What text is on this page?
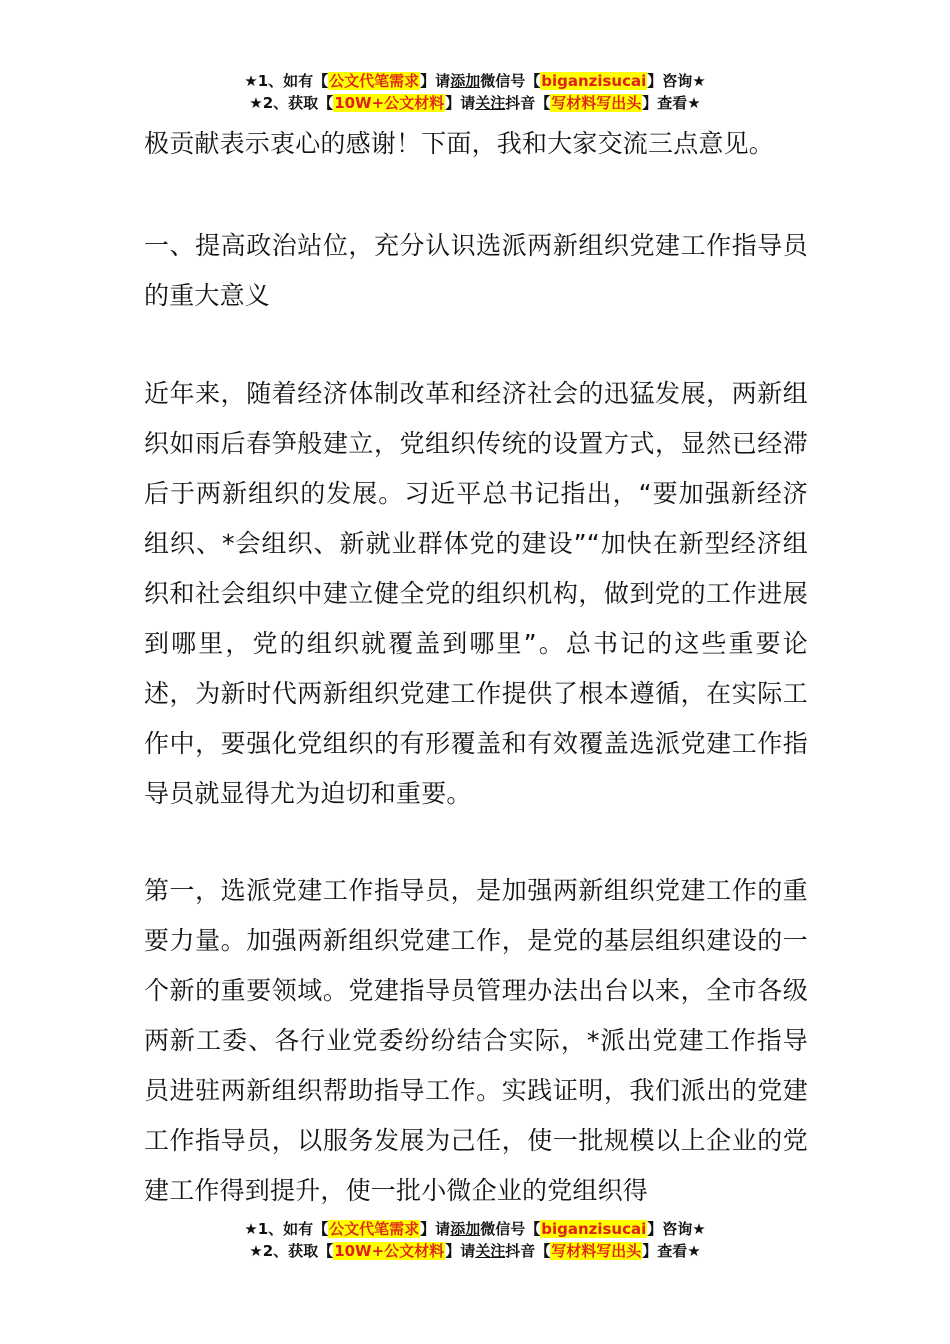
★1、如有【公文代笔需求】请添加微信号【biganzisucai】咨询★
★2、获取【10W+公文材料】请关注抖音【写材料写出头】查看★

极贡献表示衷心的感谢！下面，我和大家交流三点意见。

一、提高政治站位，充分认识选派两新组织党建工作指导员的重大意义

近年来，随着经济体制改革和经济社会的迅猛发展，两新组织如雨后春笋般建立，党组织传统的设置方式，显然已经滞后于两新组织的发展。习近平总书记指出，“要加强新经济组织、*会组织、新就业群体党的建设”“加快在新型经济组织和社会组织中建立健全党的组织机构，做到党的工作进展到哪里，党的组织就覆盖到哪里”。总书记的这些重要论述，为新时代两新组织党建工作提供了根本遵循，在实际工作中，要强化党组织的有形覆盖和有效覆盖选派党建工作指导员就显得尤为迫切和重要。

第一，选派党建工作指导员，是加强两新组织党建工作的重要力量。加强两新组织党建工作，是党的基层组织建设的一个新的重要领域。党建指导员管理办法出台以来，全市各级两新工委、各行业党委纷纷结合实际，*派出党建工作指导员进驻两新组织帮助指导工作。实践证明，我们派出的党建工作指导员，以服务发展为己任，使一批规模以上企业的党建工作得到提升，使一批小微企业的党组织得

★1、如有【公文代笔需求】请添加微信号【biganzisucai】咨询★
★2、获取【10W+公文材料】请关注抖音【写材料写出头】查看★
